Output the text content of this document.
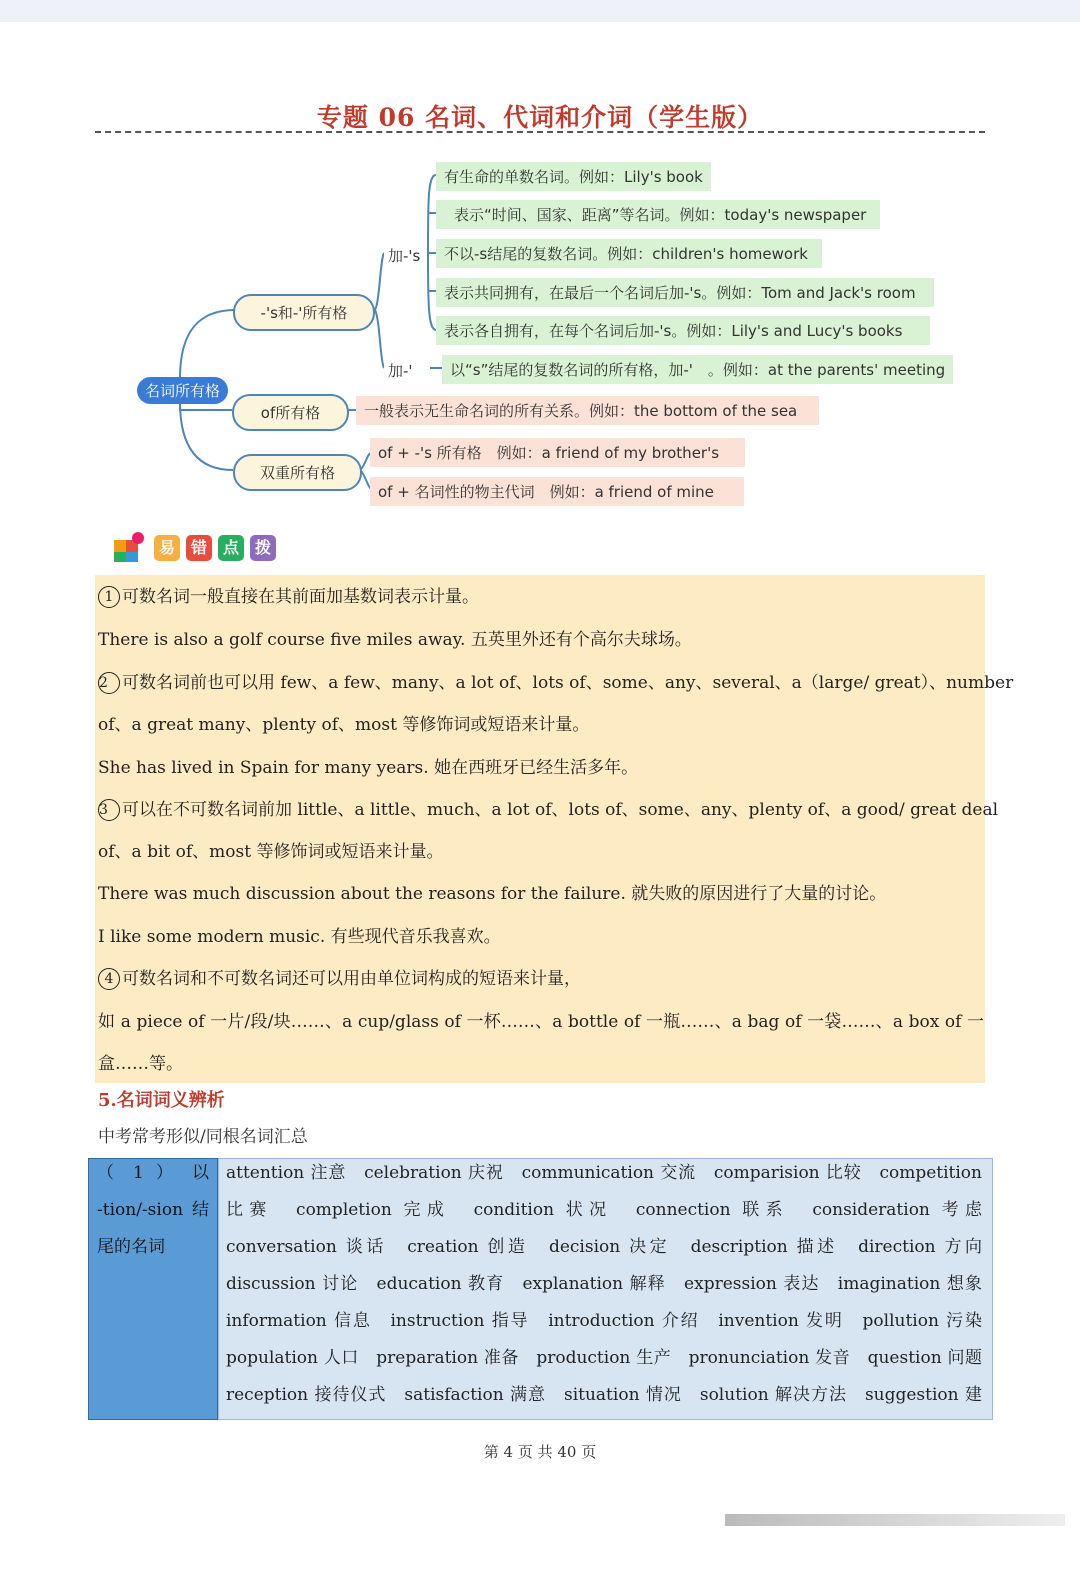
专题 06 名词、代词和介词（学生版）
名词所有格
-'s和-'所有格
of所有格
双重所有格
加-'s
加-'
有生命的单数名词。例如：Lily's book
表示“时间、国家、距离”等名词。例如：today's newspaper
不以-s结尾的复数名词。例如：children's homework
表示共同拥有，在最后一个名词后加-'s。例如：Tom and Jack's room
表示各自拥有，在每个名词后加-'s。例如：Lily's and Lucy's books
以“s”结尾的复数名词的所有格，加-'　。例如：at the parents' meeting
一般表示无生命名词的所有关系。例如：the bottom of the sea
of + -'s 所有格　例如：a friend of my brother's
of + 名词性的物主代词　例如：a friend of mine
易 错 点 拨
1 可数名词一般直接在其前面加基数词表示计量。
There is also a golf course five miles away. 五英里外还有个高尔夫球场。
2 可数名词前也可以用 few、a few、many、a lot of、lots of、some、any、several、a（large/ great）、number
of、a great many、plenty of、most 等修饰词或短语来计量。
She has lived in Spain for many years. 她在西班牙已经生活多年。
3 可以在不可数名词前加 little、a little、much、a lot of、lots of、some、any、plenty of、a good/ great deal
of、a bit of、most 等修饰词或短语来计量。
There was much discussion about the reasons for the failure. 就失败的原因进行了大量的讨论。
I like some modern music. 有些现代音乐我喜欢。
4 可数名词和不可数名词还可以用由单位词构成的短语来计量，
如 a piece of 一片/段/块……、a cup/glass of 一杯……、a bottle of 一瓶……、a bag of 一袋……、a box of 一
盒……等。
5.名词词义辨析
中考常考形似/同根名词汇总
（ 1 ） 以
-tion/-sion 结
尾的名词
attention 注意　celebration 庆祝　communication 交流　comparision 比较　competition
比赛　completion 完成　condition 状况　connection 联系　consideration 考虑
conversation 谈话　creation 创造　decision 决定　description 描述　direction 方向
discussion 讨论　education 教育　explanation 解释　expression 表达　imagination 想象
information 信息　instruction 指导　introduction 介绍　invention 发明　pollution 污染
population 人口　preparation 准备　production 生产　pronunciation 发音　question 问题
reception 接待仪式　satisfaction 满意　situation 情况　solution 解决方法　suggestion 建
第 4 页 共 40 页
